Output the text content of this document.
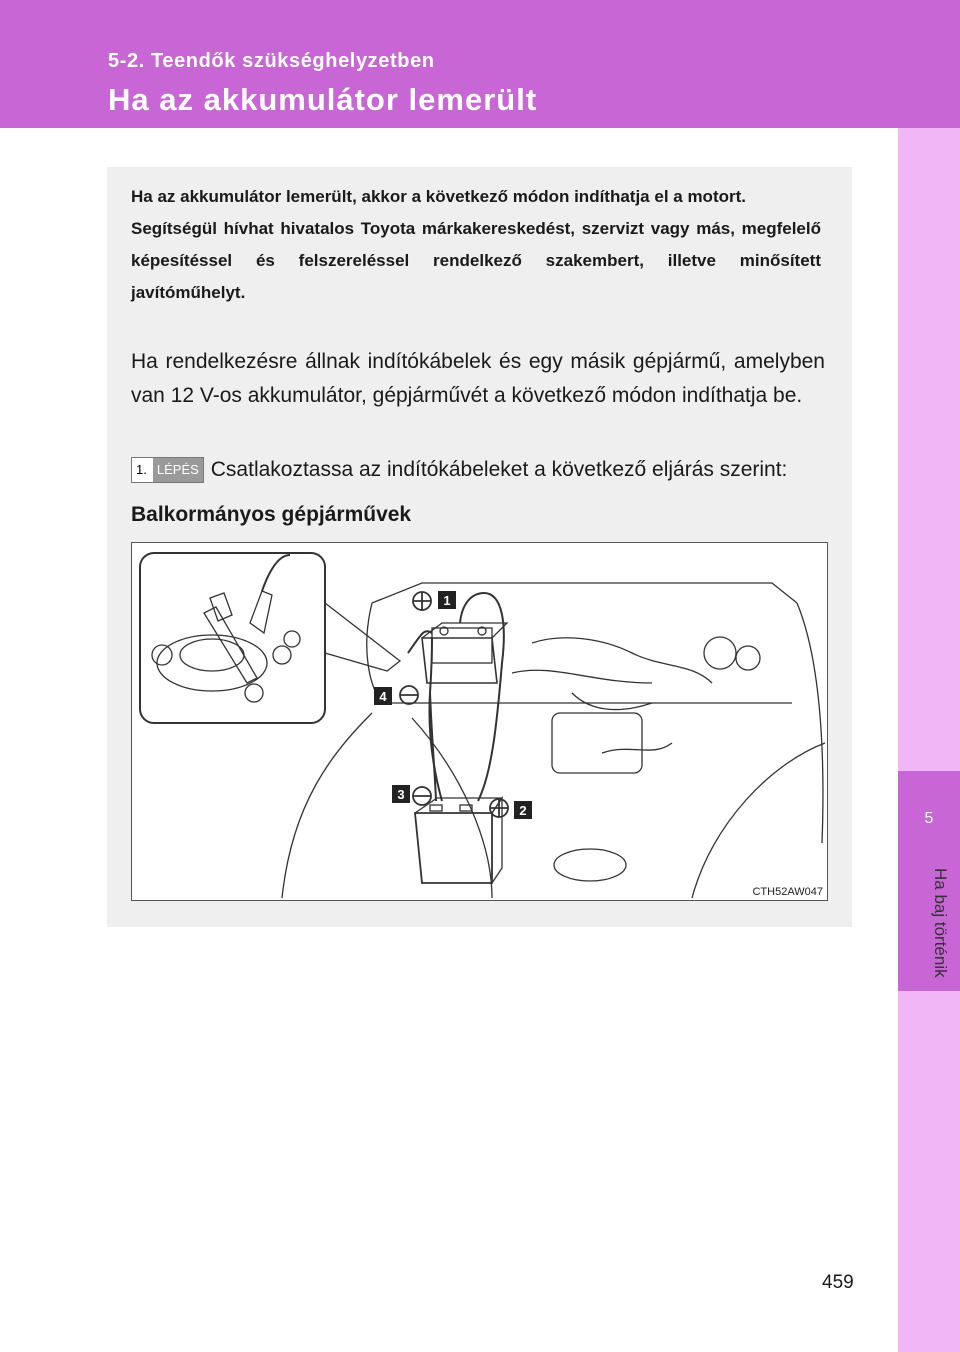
5-2. Teendők szükséghelyzetben
Ha az akkumulátor lemerült
5
Ha baj történik

Ha az akkumulátor lemerült, akkor a következő módon indíthatja el a motort.

Segítségül hívhat hivatalos Toyota márkakereskedést, szervizt vagy más, megfelelő képesítéssel és felszereléssel rendelkező szakembert, illetve minősített javítóműhelyt.

Ha rendelkezésre állnak indítókábelek és egy másik gépjármű, amelyben van 12 V-os akkumulátor, gépjárművét a következő módon indíthatja be.

1. LÉPÉS Csatlakoztassa az indítókábeleket a következő eljárás szerint:
Balkormányos gépjárművek
1
2
3
4
CTH52AW047
459
